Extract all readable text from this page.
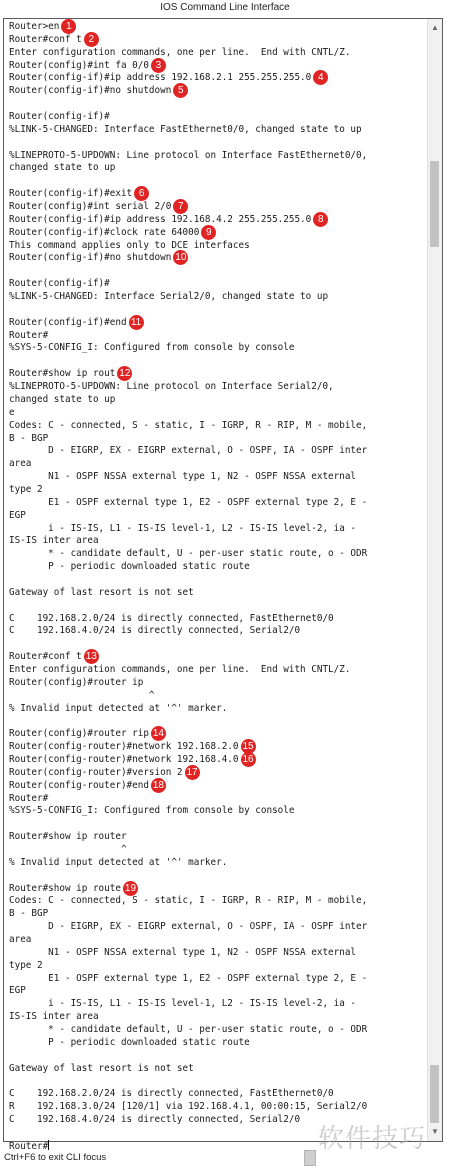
IOS Command Line Interface
Router>en 1
Router#conf t 2
Enter configuration commands, one per line.  End with CNTL/Z.
Router(config)#int fa 0/0 3
Router(config-if)#ip address 192.168.2.1 255.255.255.0 4
Router(config-if)#no shutdown 5
Router(config-if)#
%LINK-5-CHANGED: Interface FastEthernet0/0, changed state to up
%LINEPROTO-5-UPDOWN: Line protocol on Interface FastEthernet0/0,
changed state to up
Router(config-if)#exit 6
Router(config)#int serial 2/0 7
Router(config-if)#ip address 192.168.4.2 255.255.255.0 8
Router(config-if)#clock rate 64000 9
This command applies only to DCE interfaces
Router(config-if)#no shutdown 10
Router(config-if)#
%LINK-5-CHANGED: Interface Serial2/0, changed state to up
Router(config-if)#end 11
Router#
%SYS-5-CONFIG_I: Configured from console by console
Router#show ip rout 12
%LINEPROTO-5-UPDOWN: Line protocol on Interface Serial2/0,
changed state to up
e
Codes: C - connected, S - static, I - IGRP, R - RIP, M - mobile,
B - BGP
D - EIGRP, EX - EIGRP external, O - OSPF, IA - OSPF inter
area
N1 - OSPF NSSA external type 1, N2 - OSPF NSSA external
type 2
E1 - OSPF external type 1, E2 - OSPF external type 2, E -
EGP
i - IS-IS, L1 - IS-IS level-1, L2 - IS-IS level-2, ia -
IS-IS inter area
* - candidate default, U - per-user static route, o - ODR
P - periodic downloaded static route
Gateway of last resort is not set
C    192.168.2.0/24 is directly connected, FastEthernet0/0
C    192.168.4.0/24 is directly connected, Serial2/0
Router#conf t 13
Enter configuration commands, one per line.  End with CNTL/Z.
Router(config)#router ip
^
% Invalid input detected at '^' marker.
Router(config)#router rip 14
Router(config-router)#network 192.168.2.0 15
Router(config-router)#network 192.168.4.0 16
Router(config-router)#version 2 17
Router(config-router)#end 18
Router#
%SYS-5-CONFIG_I: Configured from console by console
Router#show ip router
^
% Invalid input detected at '^' marker.
Router#show ip route 19
Codes: C - connected, S - static, I - IGRP, R - RIP, M - mobile,
B - BGP
D - EIGRP, EX - EIGRP external, O - OSPF, IA - OSPF inter
area
N1 - OSPF NSSA external type 1, N2 - OSPF NSSA external
type 2
E1 - OSPF external type 1, E2 - OSPF external type 2, E -
EGP
i - IS-IS, L1 - IS-IS level-1, L2 - IS-IS level-2, ia -
IS-IS inter area
* - candidate default, U - per-user static route, o - ODR
P - periodic downloaded static route
Gateway of last resort is not set
C    192.168.2.0/24 is directly connected, FastEthernet0/0
R    192.168.3.0/24 [120/1] via 192.168.4.1, 00:00:15, Serial2/0
C    192.168.4.0/24 is directly connected, Serial2/0
Router#
▲
▼
Ctrl+F6 to exit CLI focus
软件技巧
